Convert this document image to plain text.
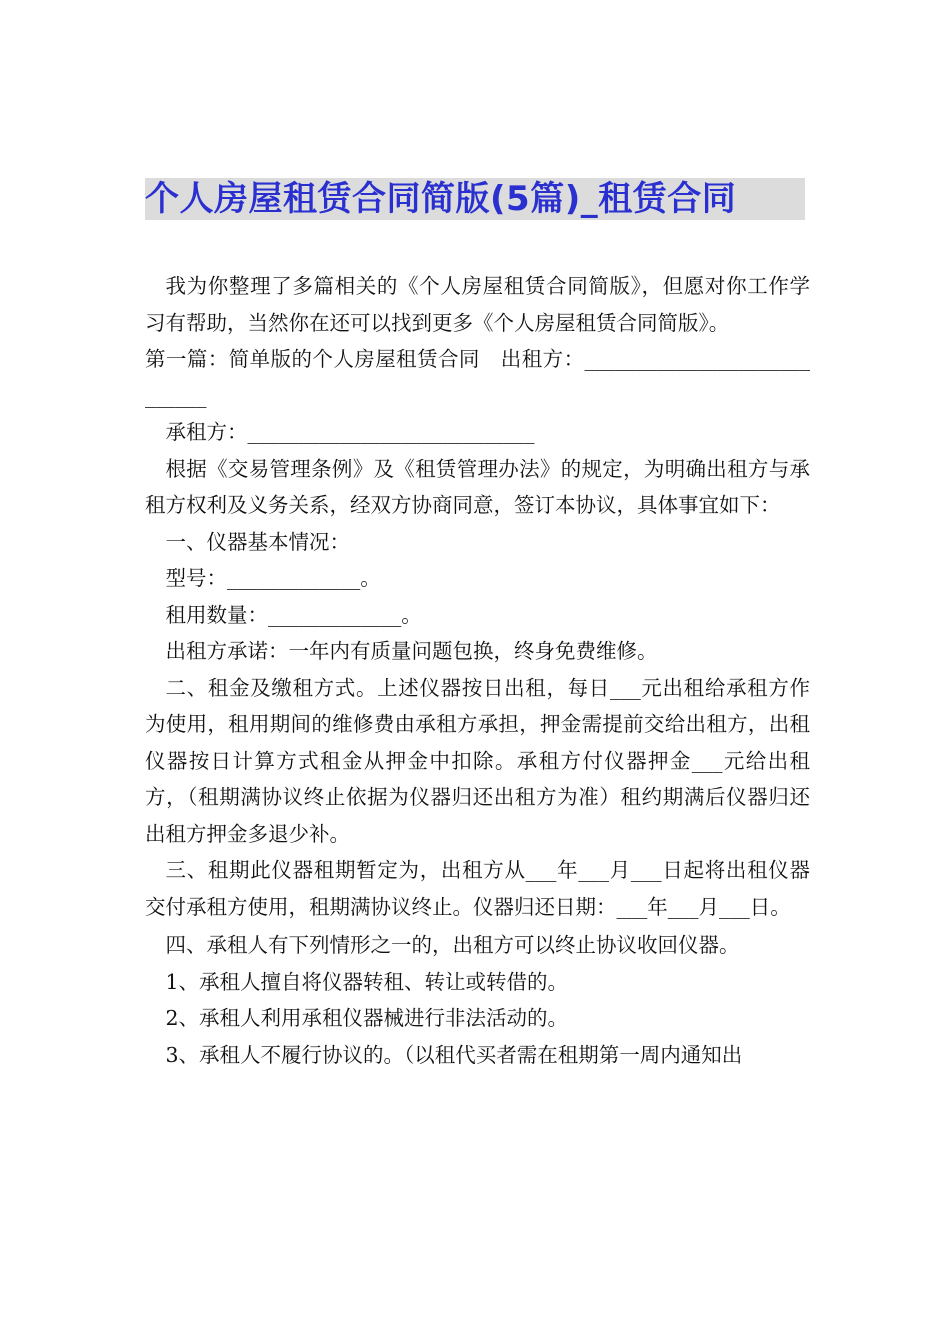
个人房屋租赁合同简版(5篇)_租赁合同

我为你整理了多篇相关的《个人房屋租赁合同简版》，但愿对你工作学习有帮助，当然你在还可以找到更多《个人房屋租赁合同简版》。

第一篇：简单版的个人房屋租赁合同　出租方：____________________________

承租方：____________________________

根据《交易管理条例》及《租赁管理办法》的规定，为明确出租方与承租方权利及义务关系，经双方协商同意，签订本协议，具体事宜如下：

一、仪器基本情况：

型号：_____________。

租用数量：_____________。

出租方承诺：一年内有质量问题包换，终身免费维修。

二、租金及缴租方式。上述仪器按日出租，每日___元出租给承租方作为使用，租用期间的维修费由承租方承担，押金需提前交给出租方，出租仪器按日计算方式租金从押金中扣除。承租方付仪器押金___元给出租方，（租期满协议终止依据为仪器归还出租方为准）租约期满后仪器归还出租方押金多退少补。

三、租期此仪器租期暂定为，出租方从___年___月___日起将出租仪器交付承租方使用，租期满协议终止。仪器归还日期：___年___月___日。

四、承租人有下列情形之一的，出租方可以终止协议收回仪器。

1、承租人擅自将仪器转租、转让或转借的。

2、承租人利用承租仪器械进行非法活动的。

3、承租人不履行协议的。（以租代买者需在租期第一周内通知出
